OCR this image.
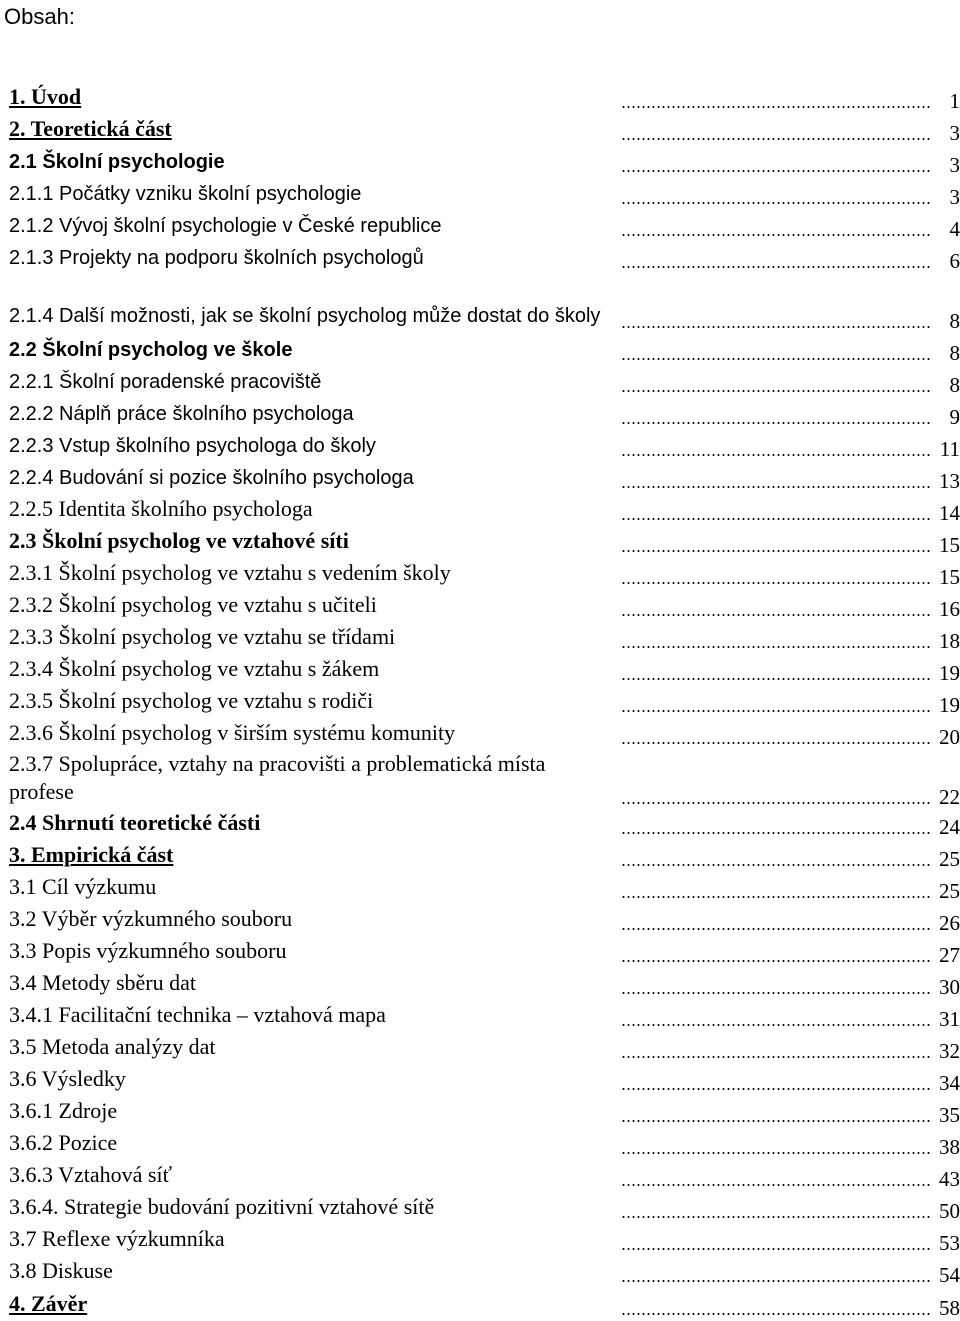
Obsah:
1. Úvod	1
2. Teoretická část	3
2.1 Školní psychologie	3
2.1.1 Počátky vzniku školní psychologie	3
2.1.2 Vývoj školní psychologie v České republice	4
2.1.3 Projekty na podporu školních psychologů	6
2.1.4 Další možnosti, jak se školní psycholog může dostat do školy	8
2.2 Školní psycholog ve škole	8
2.2.1 Školní poradenské pracoviště	8
2.2.2 Náplň práce školního psychologa	9
2.2.3 Vstup školního psychologa do školy	11
2.2.4 Budování si pozice školního psychologa	13
2.2.5 Identita školního psychologa	14
2.3 Školní psycholog ve vztahové síti	15
2.3.1 Školní psycholog ve vztahu s vedením školy	15
2.3.2 Školní psycholog ve vztahu s učiteli	16
2.3.3 Školní psycholog ve vztahu se třídami	18
2.3.4 Školní psycholog ve vztahu s žákem	19
2.3.5 Školní psycholog ve vztahu s rodiči	19
2.3.6 Školní psycholog v širším systému komunity	20
2.3.7 Spolupráce, vztahy na pracovišti a problematická místa profese	22
2.4 Shrnutí teoretické části	24
3. Empirická část	25
3.1 Cíl výzkumu	25
3.2 Výběr výzkumného souboru	26
3.3 Popis výzkumného souboru	27
3.4 Metody sběru dat	30
3.4.1 Facilitační technika – vztahová mapa	31
3.5 Metoda analýzy dat	32
3.6 Výsledky	34
3.6.1 Zdroje	35
3.6.2 Pozice	38
3.6.3 Vztahová síť	43
3.6.4. Strategie budování pozitivní vztahové sítě	50
3.7 Reflexe výzkumníka	53
3.8 Diskuse	54
4. Závěr	58
